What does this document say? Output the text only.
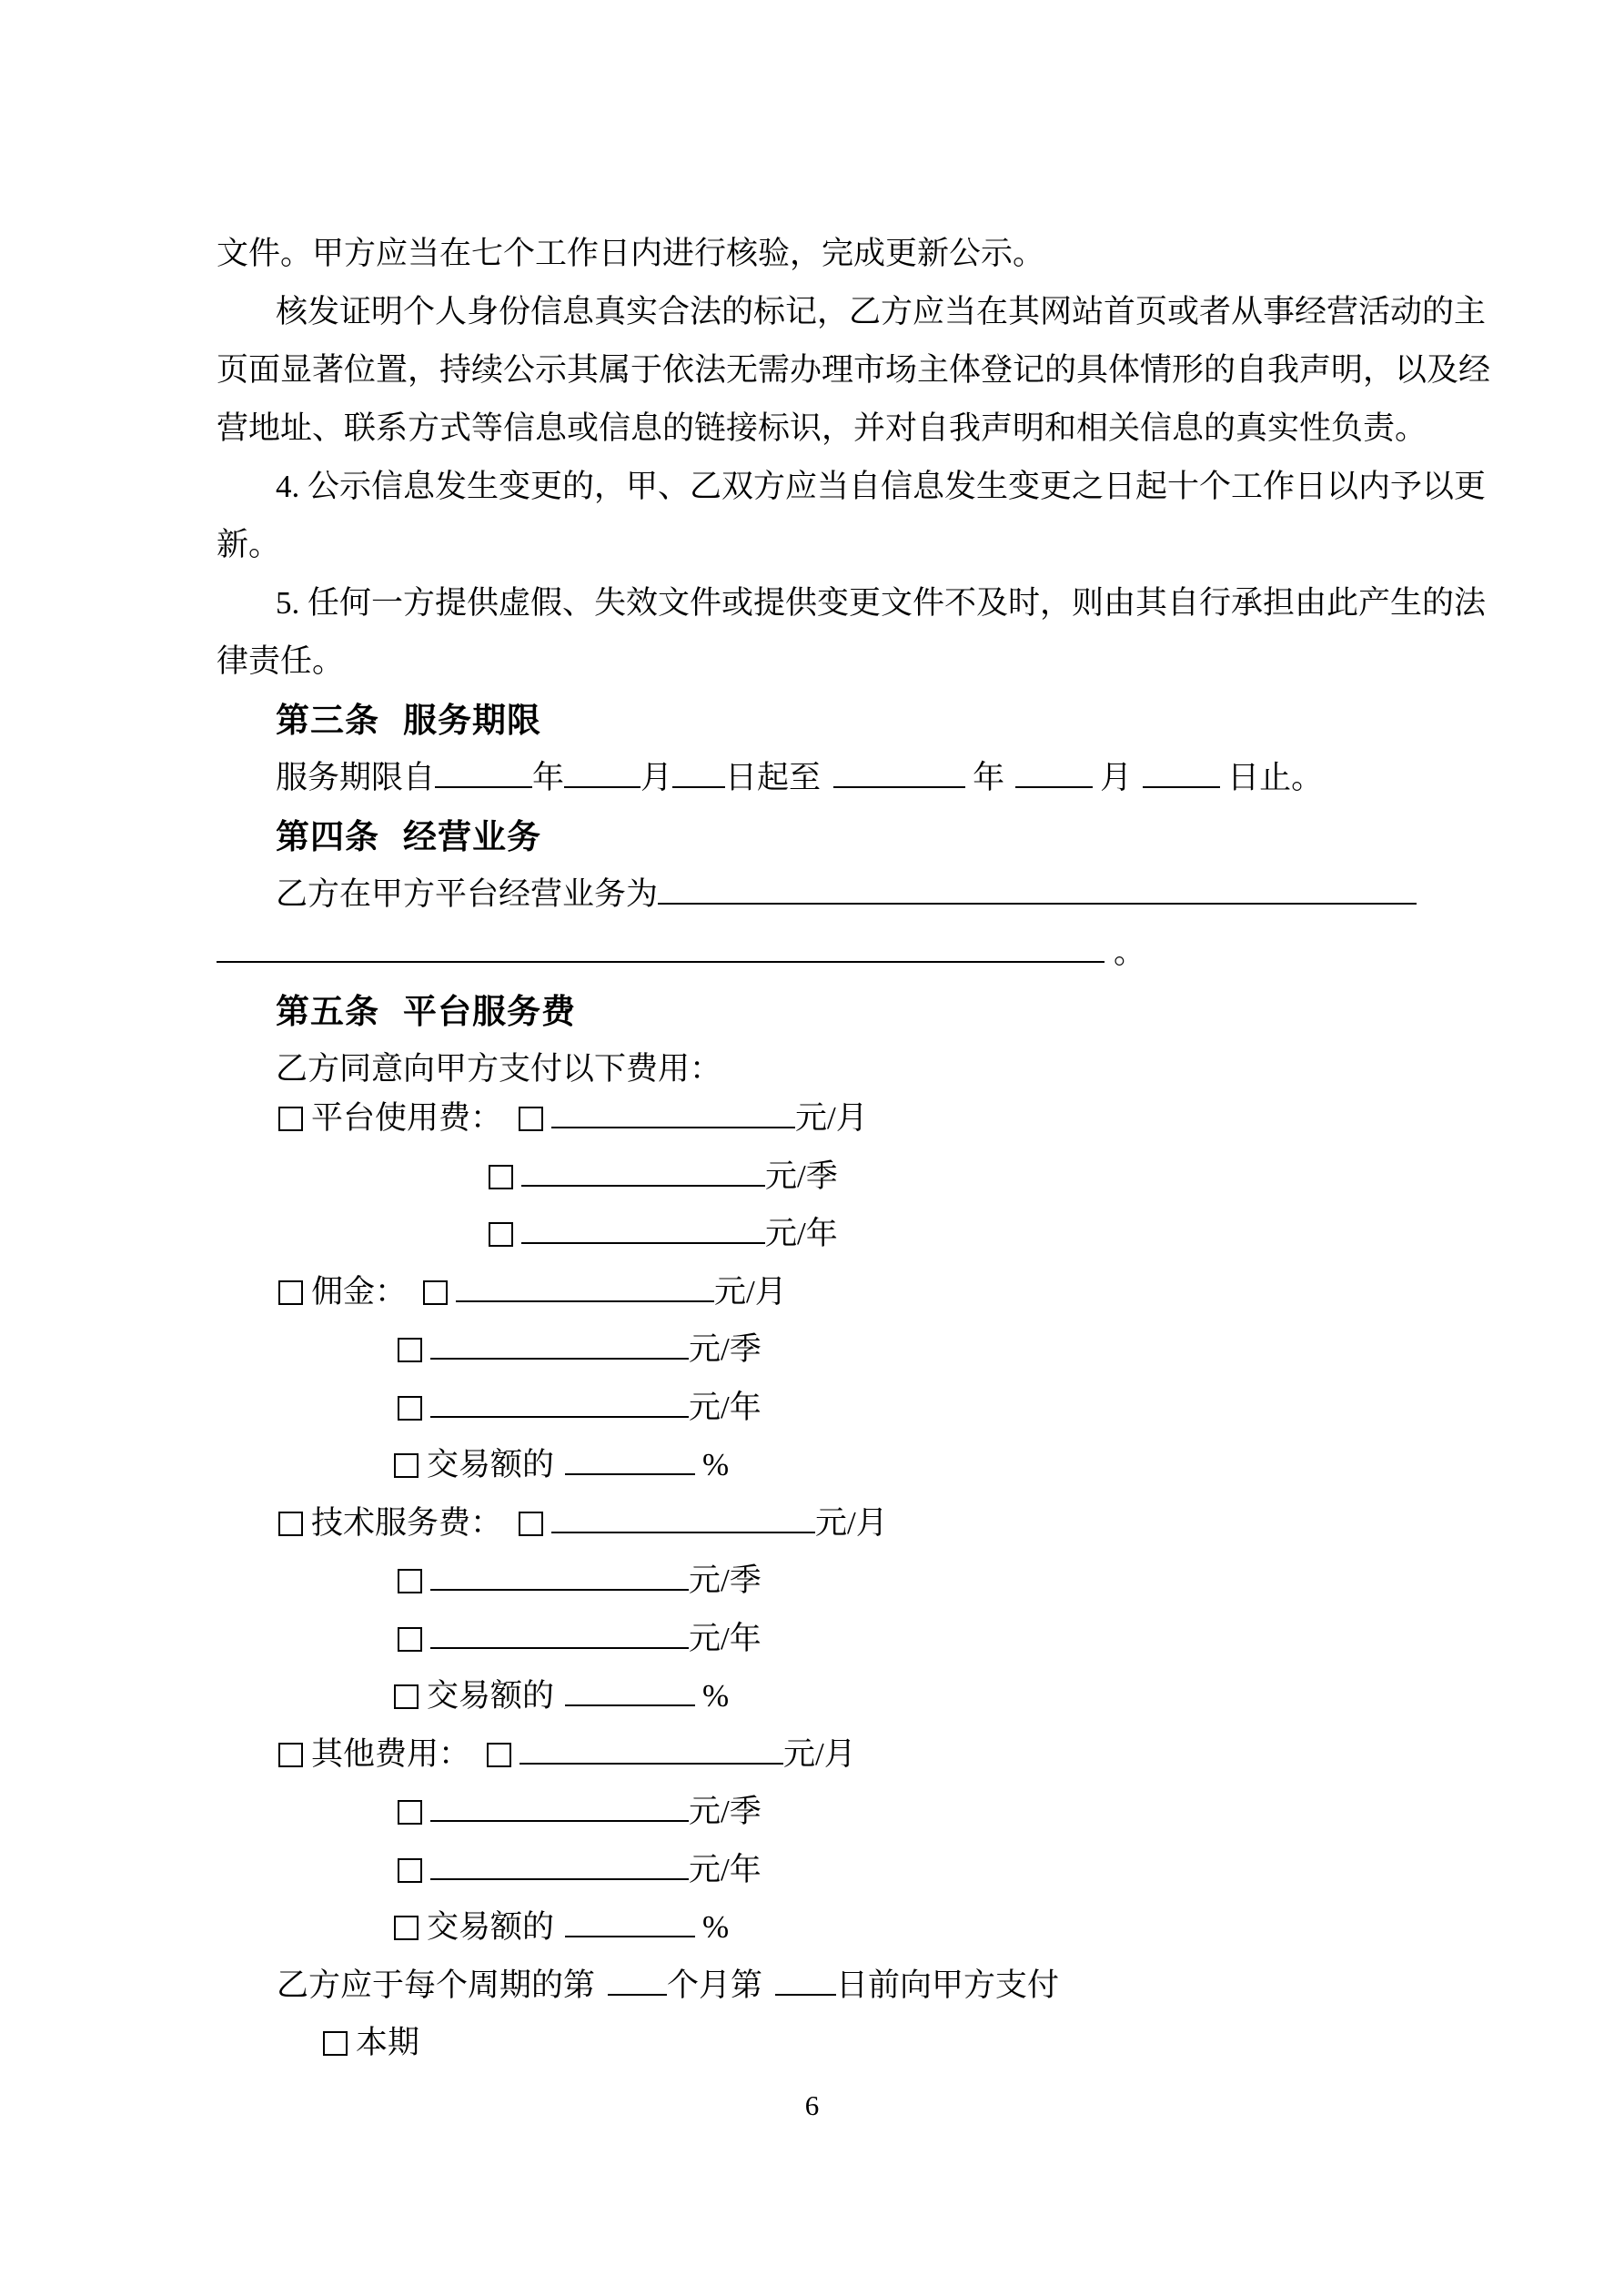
文件。甲方应当在七个工作日内进行核验，完成更新公示。
核发证明个人身份信息真实合法的标记，乙方应当在其网站首页或者从事经营活动的主
页面显著位置，持续公示其属于依法无需办理市场主体登记的具体情形的自我声明，以及经
营地址、联系方式等信息或信息的链接标识，并对自我声明和相关信息的真实性负责。
4. 公示信息发生变更的，甲、乙双方应当自信息发生变更之日起十个工作日以内予以更
新。
5. 任何一方提供虚假、失效文件或提供变更文件不及时，则由其自行承担由此产生的法
律责任。
第三条 服务期限
服务期限自	年 月 日起至	年	月	日止。
第四条 经营业务
乙方在甲方平台经营业务为
。
第五条 平台服务费
乙方同意向甲方支付以下费用：
平台使用费：	元/月
元/季
元/年
佣金：	元/月
元/季
元/年
交易额的	%
技术服务费：	元/月
元/季
元/年
交易额的	%
其他费用：	元/月
元/季
元/年
交易额的	%
乙方应于每个周期的第 个月第 日前向甲方支付
本期
6
